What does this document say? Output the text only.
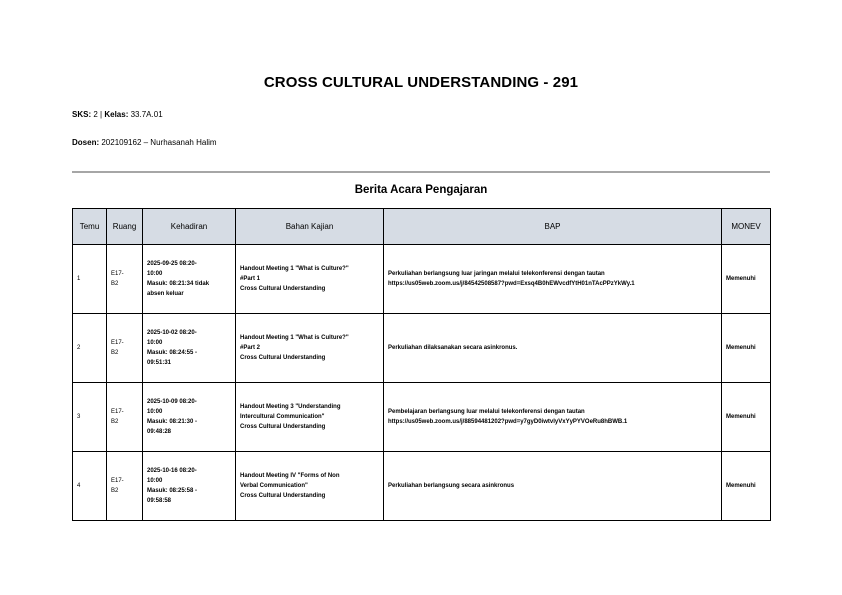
CROSS CULTURAL UNDERSTANDING - 291
SKS: 2 | Kelas: 33.7A.01
Dosen: 202109162 – Nurhasanah Halim
Berita Acara Pengajaran
Temu	Ruang	Kehadiran	Bahan Kajian	BAP	MONEV
1	E17-
B2	2025-09-25 08:20-
10:00
Masuk: 08:21:34 tidak
absen keluar	Handout Meeting 1 "What is Culture?"
#Part 1
Cross Cultural Understanding	Perkuliahan berlangsung luar jaringan melalui telekonferensi dengan tautan
https://us05web.zoom.us/j/84542508587?pwd=Exsq4B0hEWvcdfYtH01nTAcPPzYkWy.1	Memenuhi
2	E17-
B2	2025-10-02 08:20-
10:00
Masuk: 08:24:55 -
09:51:31	Handout Meeting 1 "What is Culture?"
#Part 2
Cross Cultural Understanding	Perkuliahan dilaksanakan secara asinkronus.	Memenuhi
3	E17-
B2	2025-10-09 08:20-
10:00
Masuk: 08:21:30 -
09:48:28	Handout Meeting 3 "Understanding
Intercultural Communication"
Cross Cultural Understanding	Pembelajaran berlangsung luar melalui telekonferensi dengan tautan
https://us05web.zoom.us/j/88594481202?pwd=y7gyD0iwtvlyVxYyPYVOeRu8hBWB.1	Memenuhi
4	E17-
B2	2025-10-16 08:20-
10:00
Masuk: 08:25:58 -
09:58:58	Handout Meeting IV "Forms of Non
Verbal Communication"
Cross Cultural Understanding	Perkuliahan berlangsung secara asinkronus	Memenuhi
